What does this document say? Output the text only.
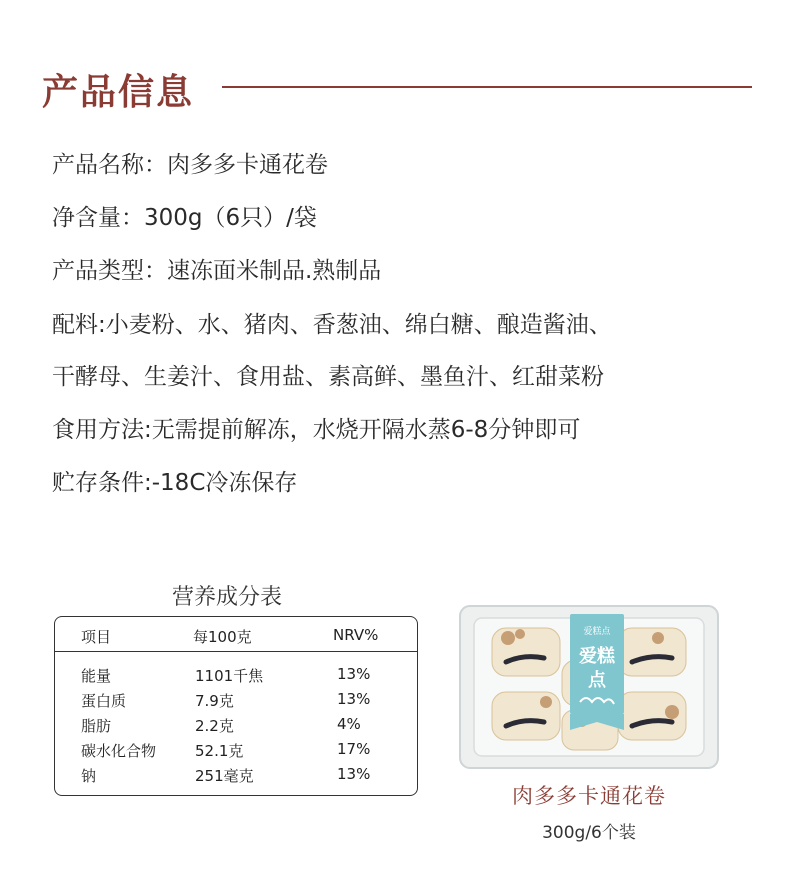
产品信息
产品名称：肉多多卡通花卷
净含量：300g（6只）/袋
产品类型：速冻面米制品.熟制品
配料:小麦粉、水、猪肉、香葱油、绵白糖、酿造酱油、
干酵母、生姜汁、食用盐、素高鲜、墨鱼汁、红甜菜粉
食用方法:无需提前解冻，水烧开隔水蒸6-8分钟即可
贮存条件:-18C冷冻保存
营养成分表
项目	每100克	NRV%
能量	1101千焦	13%
蛋白质	7.9克	13%
脂肪	2.2克	4%
碳水化合物	52.1克	17%
钠	251毫克	13%
爱糕点
爱糕
点
肉多多卡通花卷
300g/6个装
